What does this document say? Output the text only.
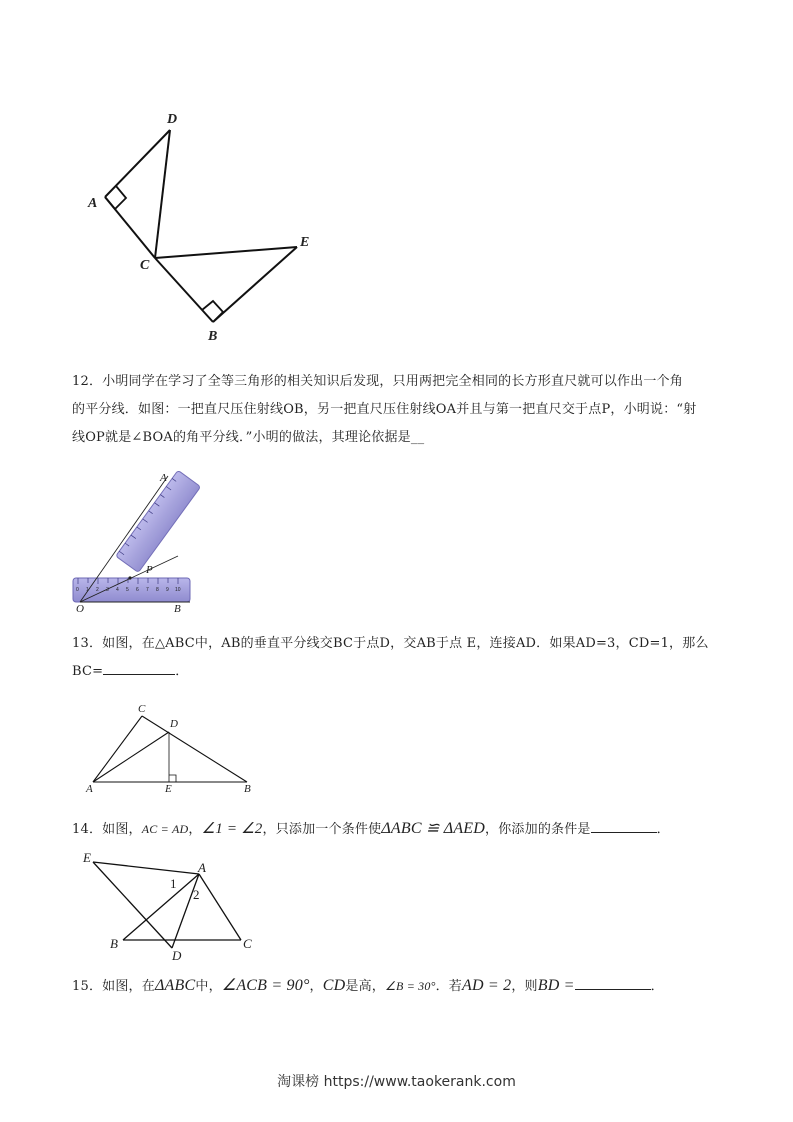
D
A
C
E
B
12．小明同学在学习了全等三角形的相关知识后发现，只用两把完全相同的长方形直尺就可以作出一个角
的平分线．如图：一把直尺压住射线OB，另一把直尺压住射线OA并且与第一把直尺交于点P，小明说：“射
线OP就是∠BOA的角平分线．”小明的做法，其理论依据是__
0 1 2 3 4 5 6 7 8 9 10
A
P
O	B
13．如图，在△ABC中，AB的垂直平分线交BC于点D，交AB于点 E，连接AD．如果AD=3，CD=1，那么
BC=	．
C
D
A	E	B
14．如图，AC = AD，∠1 = ∠2，只添加一个条件使ΔABC ≌ ΔAED，你添加的条件是	．
E
A
1
2
B
D
C
15．如图，在ΔABC中，∠ACB = 90°，CD是高，∠B = 30°．若AD = 2，则BD =	．
淘课榜 https://www.taokerank.com
